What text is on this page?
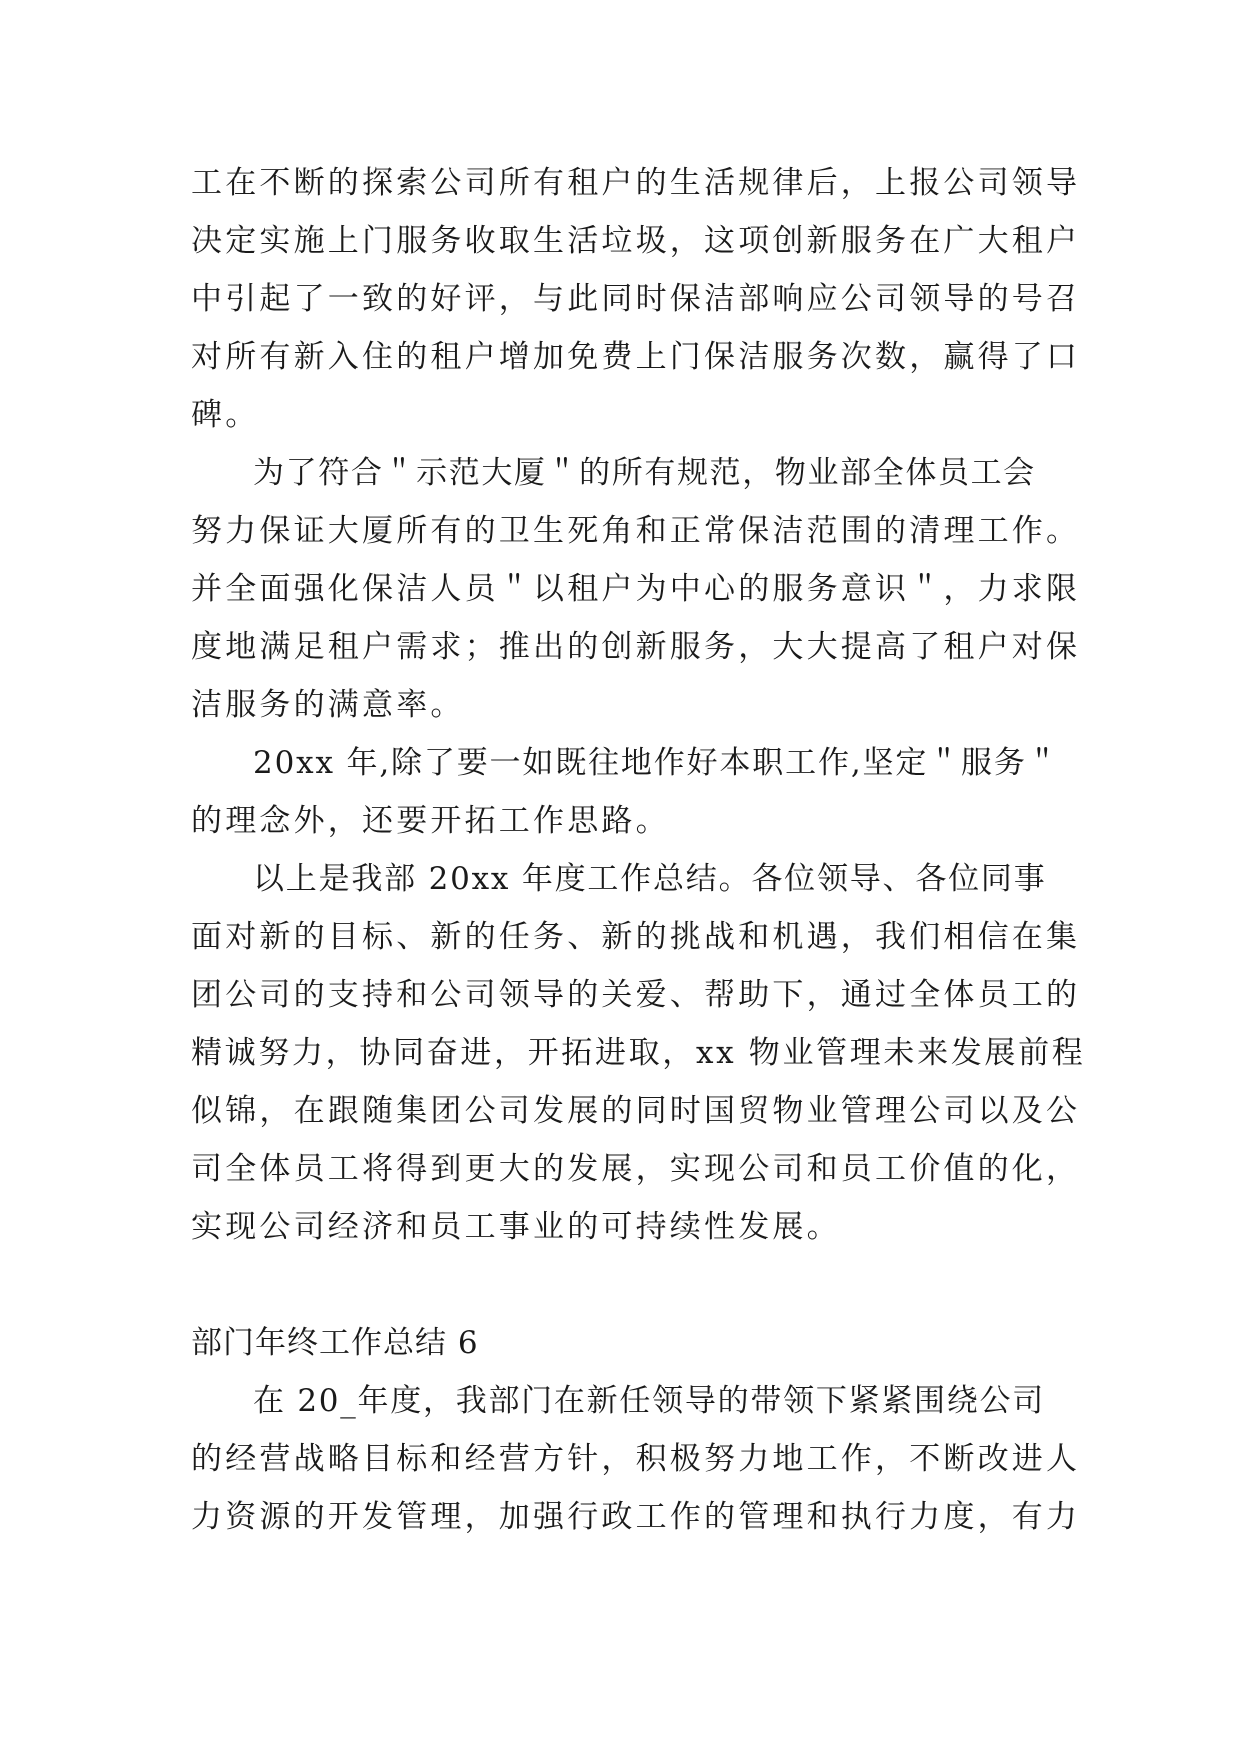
工在不断的探索公司所有租户的生活规律后，上报公司领导
决定实施上门服务收取生活垃圾，这项创新服务在广大租户
中引起了一致的好评，与此同时保洁部响应公司领导的号召
对所有新入住的租户增加免费上门保洁服务次数，赢得了口
碑。
为了符合＂示范大厦＂的所有规范，物业部全体员工会
努力保证大厦所有的卫生死角和正常保洁范围的清理工作。
并全面强化保洁人员＂以租户为中心的服务意识＂，力求限
度地满足租户需求；推出的创新服务，大大提高了租户对保
洁服务的满意率。
20xx 年,除了要一如既往地作好本职工作,坚定＂服务＂
的理念外，还要开拓工作思路。
以上是我部 20xx 年度工作总结。各位领导、各位同事
面对新的目标、新的任务、新的挑战和机遇，我们相信在集
团公司的支持和公司领导的关爱、帮助下，通过全体员工的
精诚努力，协同奋进，开拓进取，xx 物业管理未来发展前程
似锦，在跟随集团公司发展的同时国贸物业管理公司以及公
司全体员工将得到更大的发展，实现公司和员工价值的化，
实现公司经济和员工事业的可持续性发展。
部门年终工作总结 6
在 20_年度，我部门在新任领导的带领下紧紧围绕公司
的经营战略目标和经营方针，积极努力地工作，不断改进人
力资源的开发管理，加强行政工作的管理和执行力度，有力
